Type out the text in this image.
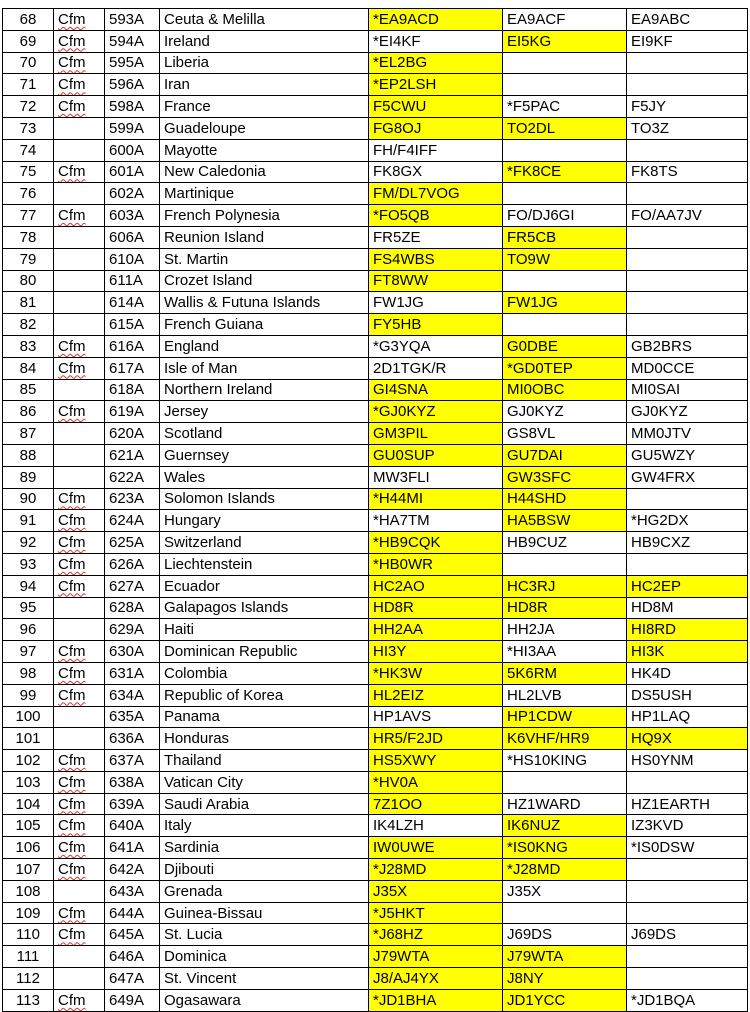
68	Cfm	593A	Ceuta & Melilla	*EA9ACD	EA9ACF	EA9ABC
69	Cfm	594A	Ireland	*EI4KF	EI5KG	EI9KF
70	Cfm	595A	Liberia	*EL2BG		
71	Cfm	596A	Iran	*EP2LSH		
72	Cfm	598A	France	F5CWU	*F5PAC	F5JY
73		599A	Guadeloupe	FG8OJ	TO2DL	TO3Z
74		600A	Mayotte	FH/F4IFF		
75	Cfm	601A	New Caledonia	FK8GX	*FK8CE	FK8TS
76		602A	Martinique	FM/DL7VOG		
77	Cfm	603A	French Polynesia	*FO5QB	FO/DJ6GI	FO/AA7JV
78		606A	Reunion Island	FR5ZE	FR5CB	
79		610A	St. Martin	FS4WBS	TO9W	
80		611A	Crozet Island	FT8WW		
81		614A	Wallis & Futuna Islands	FW1JG	FW1JG	
82		615A	French Guiana	FY5HB		
83	Cfm	616A	England	*G3YQA	G0DBE	GB2BRS
84	Cfm	617A	Isle of Man	2D1TGK/R	*GD0TEP	MD0CCE
85		618A	Northern Ireland	GI4SNA	MI0OBC	MI0SAI
86	Cfm	619A	Jersey	*GJ0KYZ	GJ0KYZ	GJ0KYZ
87		620A	Scotland	GM3PIL	GS8VL	MM0JTV
88		621A	Guernsey	GU0SUP	GU7DAI	GU5WZY
89		622A	Wales	MW3FLI	GW3SFC	GW4FRX
90	Cfm	623A	Solomon Islands	*H44MI	H44SHD	
91	Cfm	624A	Hungary	*HA7TM	HA5BSW	*HG2DX
92	Cfm	625A	Switzerland	*HB9CQK	HB9CUZ	HB9CXZ
93	Cfm	626A	Liechtenstein	*HB0WR		
94	Cfm	627A	Ecuador	HC2AO	HC3RJ	HC2EP
95		628A	Galapagos Islands	HD8R	HD8R	HD8M
96		629A	Haiti	HH2AA	HH2JA	HI8RD
97	Cfm	630A	Dominican Republic	HI3Y	*HI3AA	HI3K
98	Cfm	631A	Colombia	*HK3W	5K6RM	HK4D
99	Cfm	634A	Republic of Korea	HL2EIZ	HL2LVB	DS5USH
100		635A	Panama	HP1AVS	HP1CDW	HP1LAQ
101		636A	Honduras	HR5/F2JD	K6VHF/HR9	HQ9X
102	Cfm	637A	Thailand	HS5XWY	*HS10KING	HS0YNM
103	Cfm	638A	Vatican City	*HV0A		
104	Cfm	639A	Saudi Arabia	7Z1OO	HZ1WARD	HZ1EARTH
105	Cfm	640A	Italy	IK4LZH	IK6NUZ	IZ3KVD
106	Cfm	641A	Sardinia	IW0UWE	*IS0KNG	*IS0DSW
107	Cfm	642A	Djibouti	*J28MD	*J28MD	
108		643A	Grenada	J35X	J35X	
109	Cfm	644A	Guinea-Bissau	*J5HKT		
110	Cfm	645A	St. Lucia	*J68HZ	J69DS	J69DS
111		646A	Dominica	J79WTA	J79WTA	
112		647A	St. Vincent	J8/AJ4YX	J8NY	
113	Cfm	649A	Ogasawara	*JD1BHA	JD1YCC	*JD1BQA
